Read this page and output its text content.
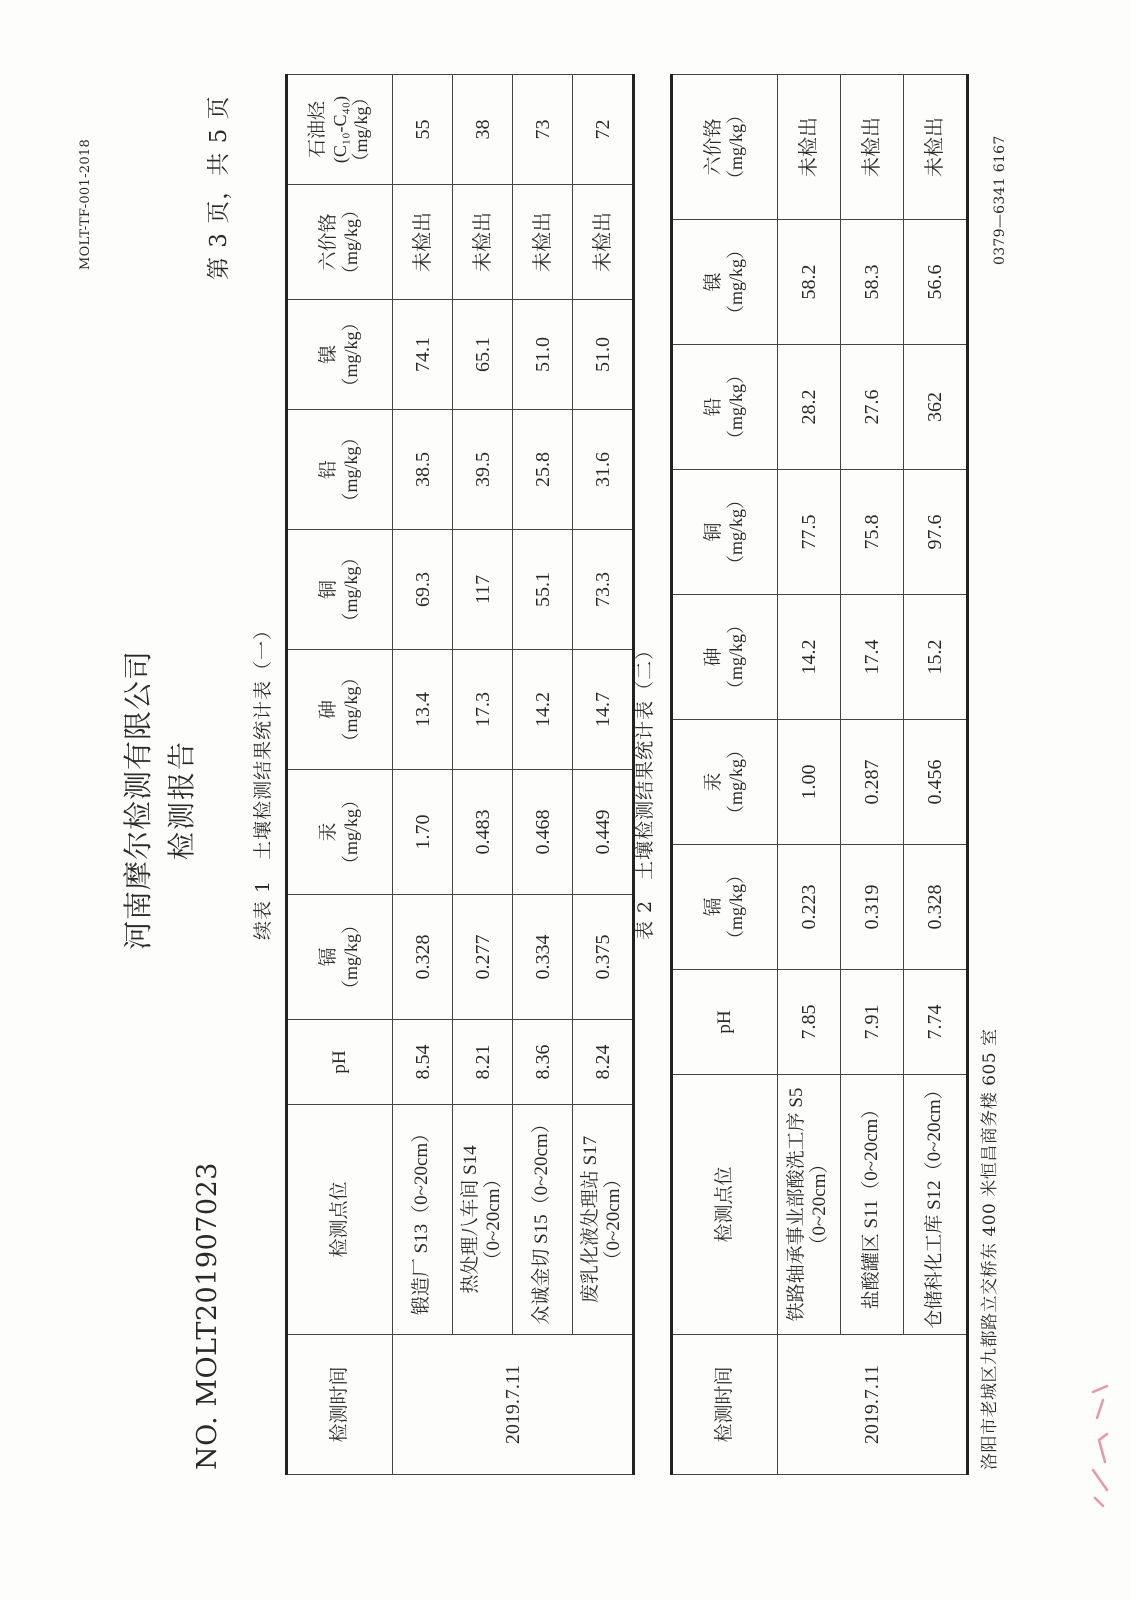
MOLT-TF-001-2018
河南摩尔检测有限公司 检测报告
NO. MOLT201907023
第 3 页，共 5 页
续表 1　土壤检测结果统计表（一）
检测时间	检测点位	pH	镉 （mg/kg）	汞 （mg/kg）	砷 （mg/kg）	铜 （mg/kg）	铅 （mg/kg）	镍 （mg/kg）	六价铬 （mg/kg）	石油烃 (C₁₀-C₄₀)（mg/kg）

2019.7.11	锻造厂 S13（0~20cm）	8.54	0.328	1.70	13.4	69.3	38.5	74.1	未检出	55
	热处理八车间 S14（0~20cm）	8.21	0.277	0.483	17.3	117	39.5	65.1	未检出	38
	众诚金切 S15（0~20cm）	8.36	0.334	0.468	14.2	55.1	25.8	51.0	未检出	73
	废乳化液处理站 S17（0~20cm）	8.24	0.375	0.449	14.7	73.3	31.6	51.0	未检出	72
表 2　土壤检测结果统计表（二）
检测时间	检测点位	pH	镉 （mg/kg）	汞 （mg/kg）	砷 （mg/kg）	铜 （mg/kg）	铅 （mg/kg）	镍 （mg/kg）	六价铬 （mg/kg）

2019.7.11	铁路轴承事业部酸洗工序 S5（0~20cm）	7.85	0.223	1.00	14.2	77.5	28.2	58.2	未检出
	盐酸罐区 S11（0~20cm）	7.91	0.319	0.287	17.4	75.8	27.6	58.3	未检出
	仓储科化工库 S12（0~20cm）	7.74	0.328	0.456	15.2	97.6	362	56.6	未检出
洛阳市老城区九都路立交桥东 400 米恒昌商务楼 605 室
0379—6341 6167
